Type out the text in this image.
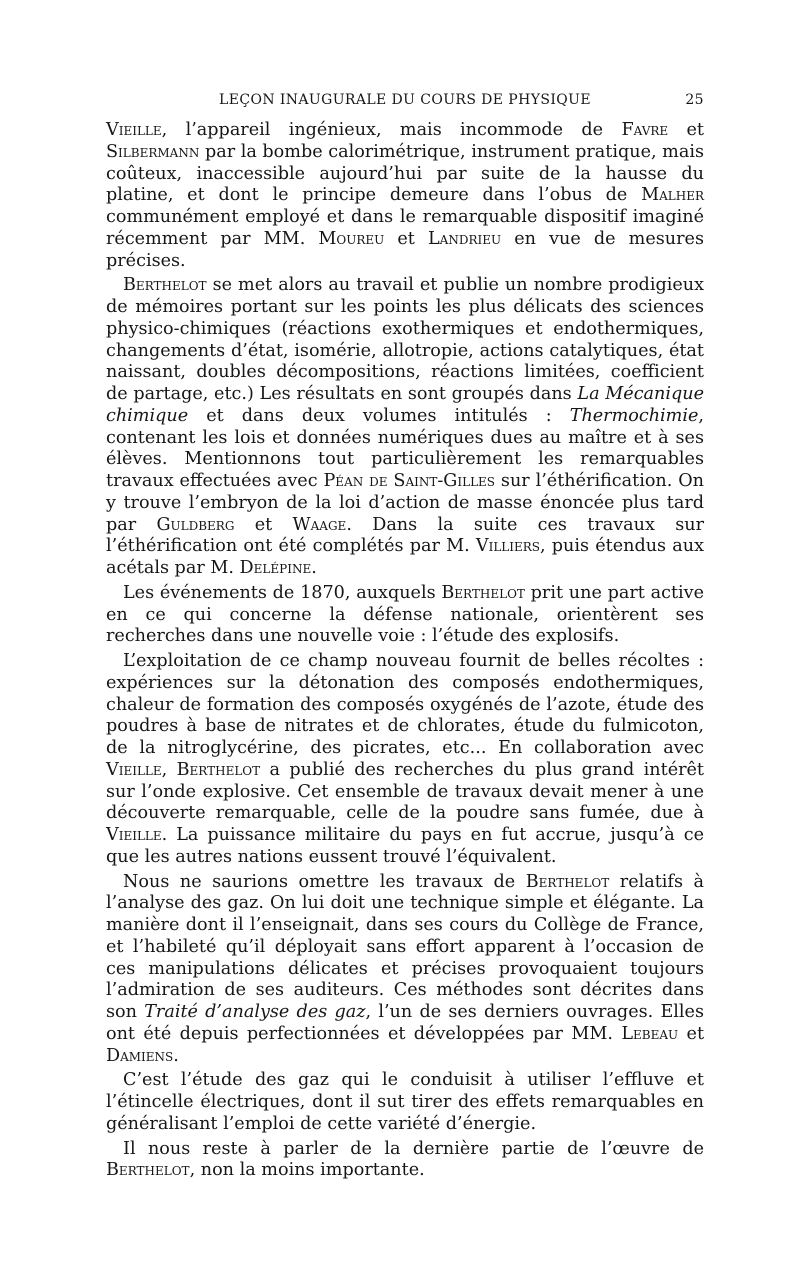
LEÇON INAUGURALE DU COURS DE PHYSIQUE	25

Vieille, l’appareil ingénieux, mais incommode de Favre et Silbermann par la bombe calorimétrique, instrument pratique, mais coûteux, inaccessible aujourd’hui par suite de la hausse du platine, et dont le principe demeure dans l’obus de Malher communément employé et dans le remarquable dispositif imaginé récemment par MM. Moureu et Landrieu en vue de mesures précises.

Berthelot se met alors au travail et publie un nombre prodigieux de mémoires portant sur les points les plus délicats des sciences physico-chimiques (réactions exothermiques et endothermiques, changements d’état, isomérie, allotropie, actions catalytiques, état naissant, doubles décompositions, réactions limitées, coefficient de partage, etc.) Les résultats en sont groupés dans La Mécanique chimique et dans deux volumes intitulés : Thermochimie, contenant les lois et données numériques dues au maître et à ses élèves. Mentionnons tout particulièrement les remarquables travaux effectuées avec Péan de Saint-Gilles sur l’éthérification. On y trouve l’embryon de la loi d’action de masse énoncée plus tard par Guldberg et Waage. Dans la suite ces travaux sur l’éthérification ont été complétés par M. Villiers, puis étendus aux acétals par M. Delépine.

Les événements de 1870, auxquels Berthelot prit une part active en ce qui concerne la défense nationale, orientèrent ses recherches dans une nouvelle voie : l’étude des explosifs.

L’exploitation de ce champ nouveau fournit de belles récoltes : expériences sur la détonation des composés endothermiques, chaleur de formation des composés oxygénés de l’azote, étude des poudres à base de nitrates et de chlorates, étude du fulmicoton, de la nitroglycérine, des picrates, etc... En collaboration avec Vieille, Berthelot a publié des recherches du plus grand intérêt sur l’onde explosive. Cet ensemble de travaux devait mener à une découverte remarquable, celle de la poudre sans fumée, due à Vieille. La puissance militaire du pays en fut accrue, jusqu’à ce que les autres nations eussent trouvé l’équivalent.

Nous ne saurions omettre les travaux de Berthelot relatifs à l’analyse des gaz. On lui doit une technique simple et élégante. La manière dont il l’enseignait, dans ses cours du Collège de France, et l’habileté qu’il déployait sans effort apparent à l’occasion de ces manipulations délicates et précises provoquaient toujours l’admiration de ses auditeurs. Ces méthodes sont décrites dans son Traité d’analyse des gaz, l’un de ses derniers ouvrages. Elles ont été depuis perfectionnées et développées par MM. Lebeau et Damiens.

C’est l’étude des gaz qui le conduisit à utiliser l’effluve et l’étincelle électriques, dont il sut tirer des effets remarquables en généralisant l’emploi de cette variété d’énergie.

Il nous reste à parler de la dernière partie de l’œuvre de Berthelot, non la moins importante.
